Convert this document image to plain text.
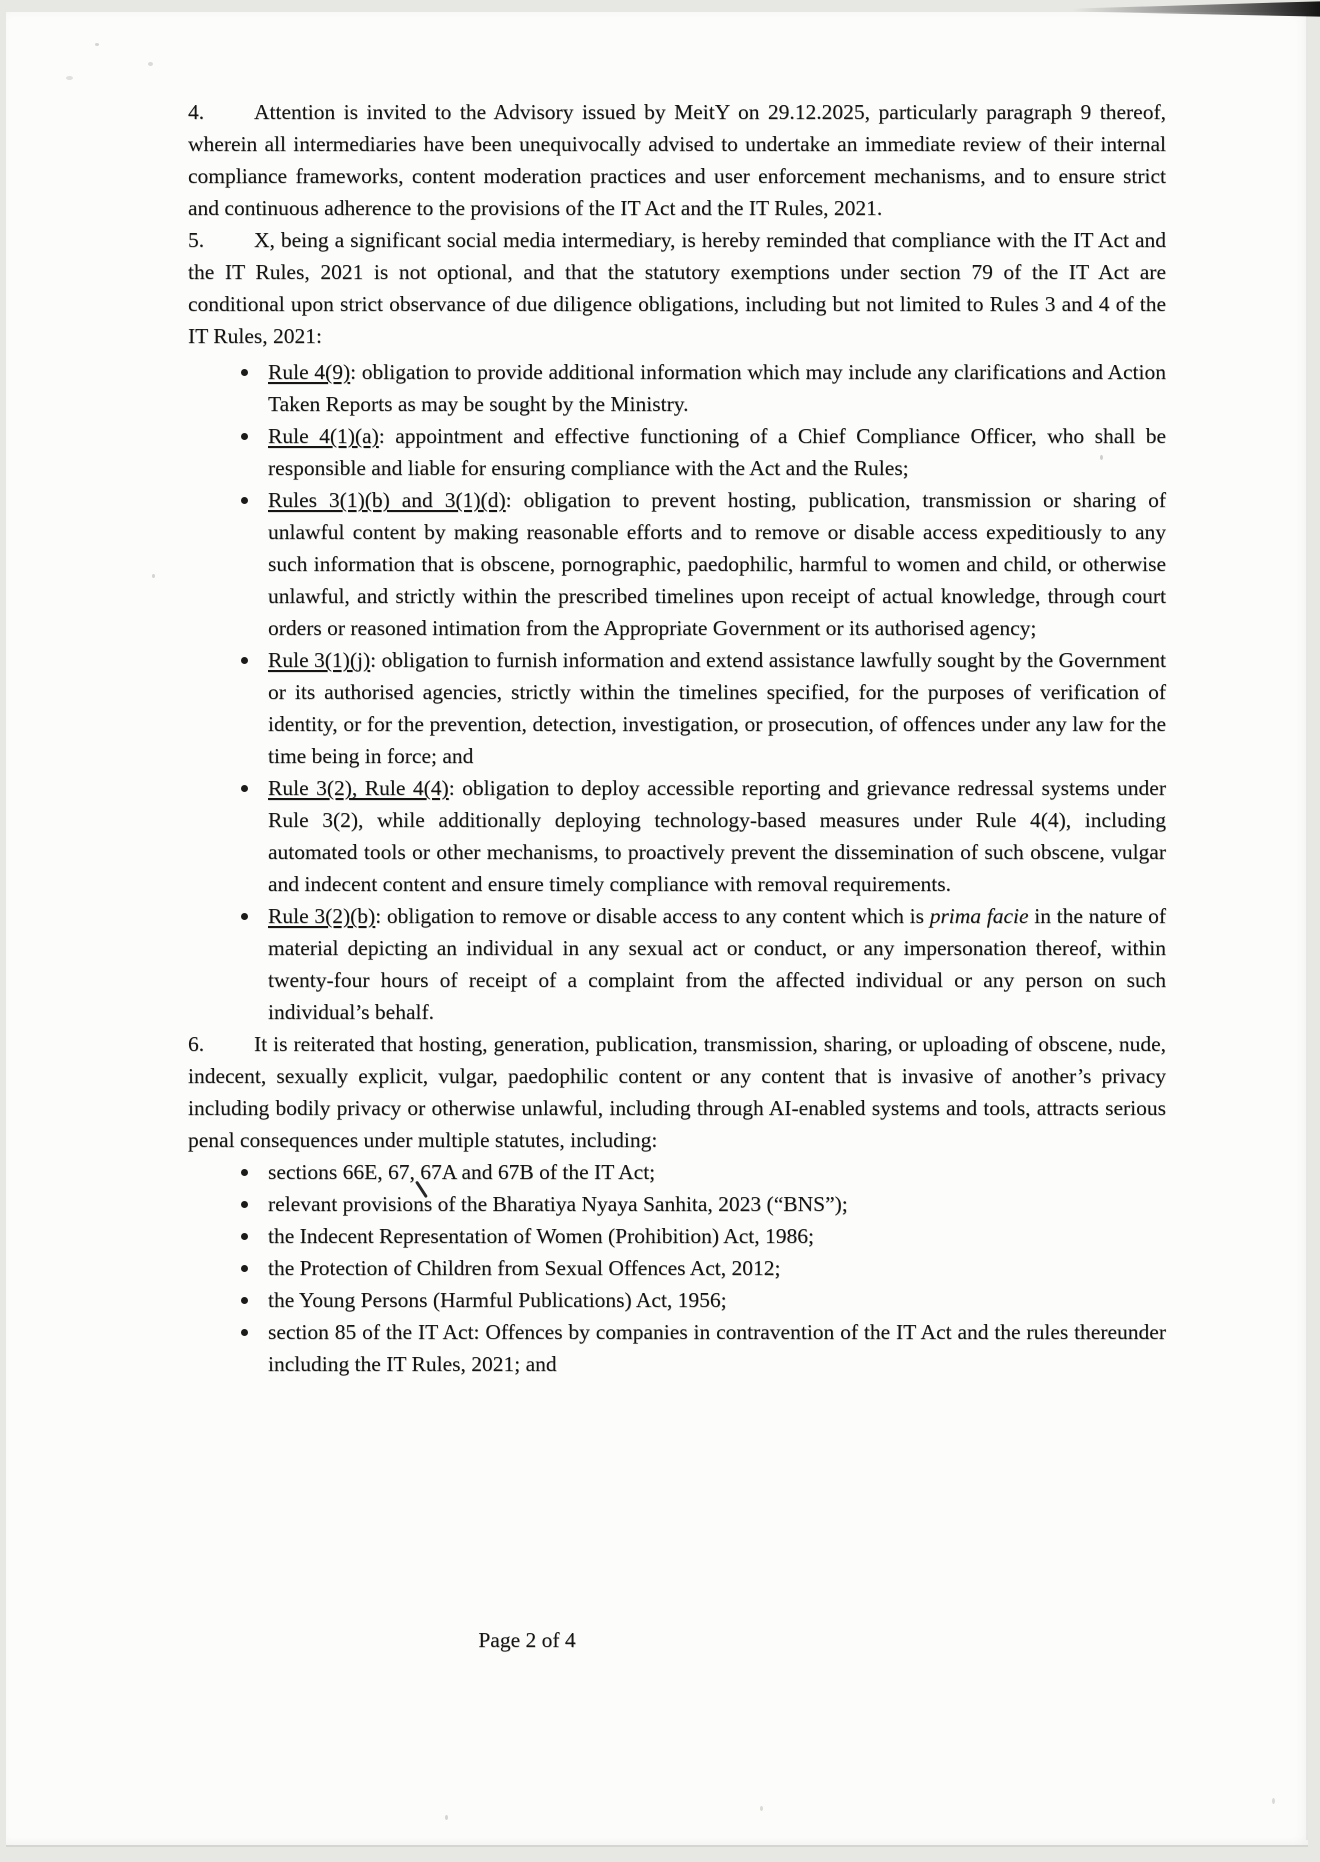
4. Attention is invited to the Advisory issued by MeitY on 29.12.2025, particularly paragraph 9 thereof, wherein all intermediaries have been unequivocally advised to undertake an immediate review of their internal compliance frameworks, content moderation practices and user enforcement mechanisms, and to ensure strict and continuous adherence to the provisions of the IT Act and the IT Rules, 2021.

5. X, being a significant social media intermediary, is hereby reminded that compliance with the IT Act and the IT Rules, 2021 is not optional, and that the statutory exemptions under section 79 of the IT Act are conditional upon strict observance of due diligence obligations, including but not limited to Rules 3 and 4 of the IT Rules, 2021:

Rule 4(9): obligation to provide additional information which may include any clarifications and Action Taken Reports as may be sought by the Ministry.
Rule 4(1)(a): appointment and effective functioning of a Chief Compliance Officer, who shall be responsible and liable for ensuring compliance with the Act and the Rules;
Rules 3(1)(b) and 3(1)(d): obligation to prevent hosting, publication, transmission or sharing of unlawful content by making reasonable efforts and to remove or disable access expeditiously to any such information that is obscene, pornographic, paedophilic, harmful to women and child, or otherwise unlawful, and strictly within the prescribed timelines upon receipt of actual knowledge, through court orders or reasoned intimation from the Appropriate Government or its authorised agency;
Rule 3(1)(j): obligation to furnish information and extend assistance lawfully sought by the Government or its authorised agencies, strictly within the timelines specified, for the purposes of verification of identity, or for the prevention, detection, investigation, or prosecution, of offences under any law for the time being in force; and
Rule 3(2), Rule 4(4): obligation to deploy accessible reporting and grievance redressal systems under Rule 3(2), while additionally deploying technology-based measures under Rule 4(4), including automated tools or other mechanisms, to proactively prevent the dissemination of such obscene, vulgar and indecent content and ensure timely compliance with removal requirements.
Rule 3(2)(b): obligation to remove or disable access to any content which is prima facie in the nature of material depicting an individual in any sexual act or conduct, or any impersonation thereof, within twenty-four hours of receipt of a complaint from the affected individual or any person on such individual’s behalf.

6. It is reiterated that hosting, generation, publication, transmission, sharing, or uploading of obscene, nude, indecent, sexually explicit, vulgar, paedophilic content or any content that is invasive of another’s privacy including bodily privacy or otherwise unlawful, including through AI-enabled systems and tools, attracts serious penal consequences under multiple statutes, including:

sections 66E, 67, 67A and 67B of the IT Act;
relevant provisions of the Bharatiya Nyaya Sanhita, 2023 (“BNS”);
the Indecent Representation of Women (Prohibition) Act, 1986;
the Protection of Children from Sexual Offences Act, 2012;
the Young Persons (Harmful Publications) Act, 1956;
section 85 of the IT Act: Offences by companies in contravention of the IT Act and the rules thereunder including the IT Rules, 2021; and
Page 2 of 4
